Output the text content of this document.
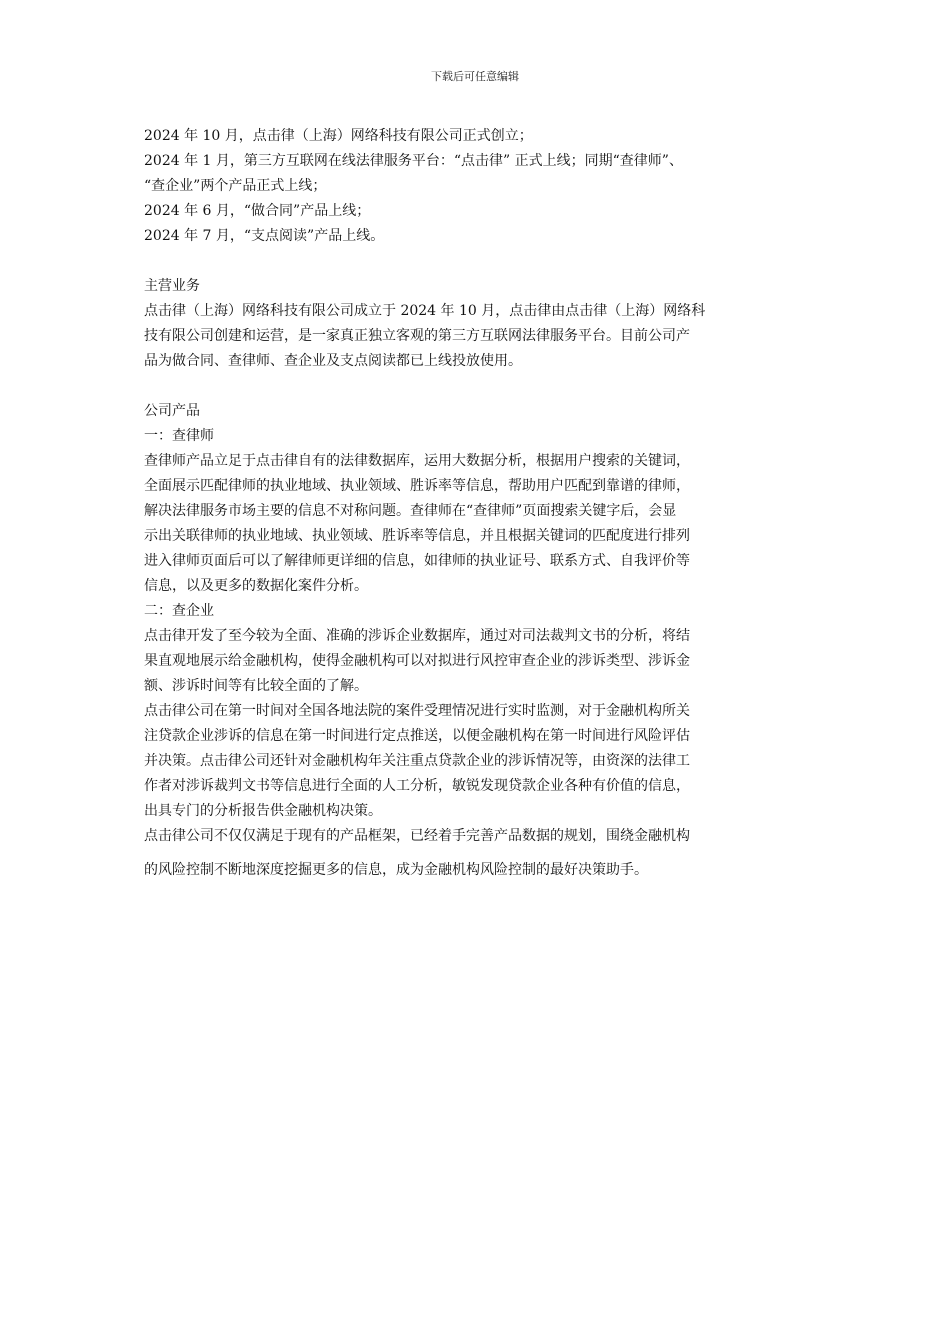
下载后可任意编辑
2024 年 10 月，点击律（上海）网络科技有限公司正式创立；
2024 年 1 月，第三方互联网在线法律服务平台：“点击律” 正式上线；同期“查律师”、
“查企业”两个产品正式上线；
2024 年 6 月，“做合同”产品上线；
2024 年 7 月，“支点阅读”产品上线。
主营业务
点击律（上海）网络科技有限公司成立于 2024 年 10 月，点击律由点击律（上海）网络科
技有限公司创建和运营，是一家真正独立客观的第三方互联网法律服务平台。目前公司产
品为做合同、查律师、查企业及支点阅读都已上线投放使用。
公司产品
一：查律师
查律师产品立足于点击律自有的法律数据库，运用大数据分析，根据用户搜索的关键词，
全面展示匹配律师的执业地域、执业领域、胜诉率等信息，帮助用户匹配到靠谱的律师，
解决法律服务市场主要的信息不对称问题。查律师在“查律师”页面搜索关键字后，会显
示出关联律师的执业地域、执业领域、胜诉率等信息，并且根据关键词的匹配度进行排列
进入律师页面后可以了解律师更详细的信息，如律师的执业证号、联系方式、自我评价等
信息，以及更多的数据化案件分析。
二：查企业
点击律开发了至今较为全面、准确的涉诉企业数据库，通过对司法裁判文书的分析，将结
果直观地展示给金融机构，使得金融机构可以对拟进行风控审查企业的涉诉类型、涉诉金
额、涉诉时间等有比较全面的了解。
点击律公司在第一时间对全国各地法院的案件受理情况进行实时监测，对于金融机构所关
注贷款企业涉诉的信息在第一时间进行定点推送，以便金融机构在第一时间进行风险评估
并决策。点击律公司还针对金融机构年关注重点贷款企业的涉诉情况等，由资深的法律工
作者对涉诉裁判文书等信息进行全面的人工分析，敏锐发现贷款企业各种有价值的信息，
出具专门的分析报告供金融机构决策。
点击律公司不仅仅满足于现有的产品框架，已经着手完善产品数据的规划，围绕金融机构
的风险控制不断地深度挖掘更多的信息，成为金融机构风险控制的最好决策助手。
